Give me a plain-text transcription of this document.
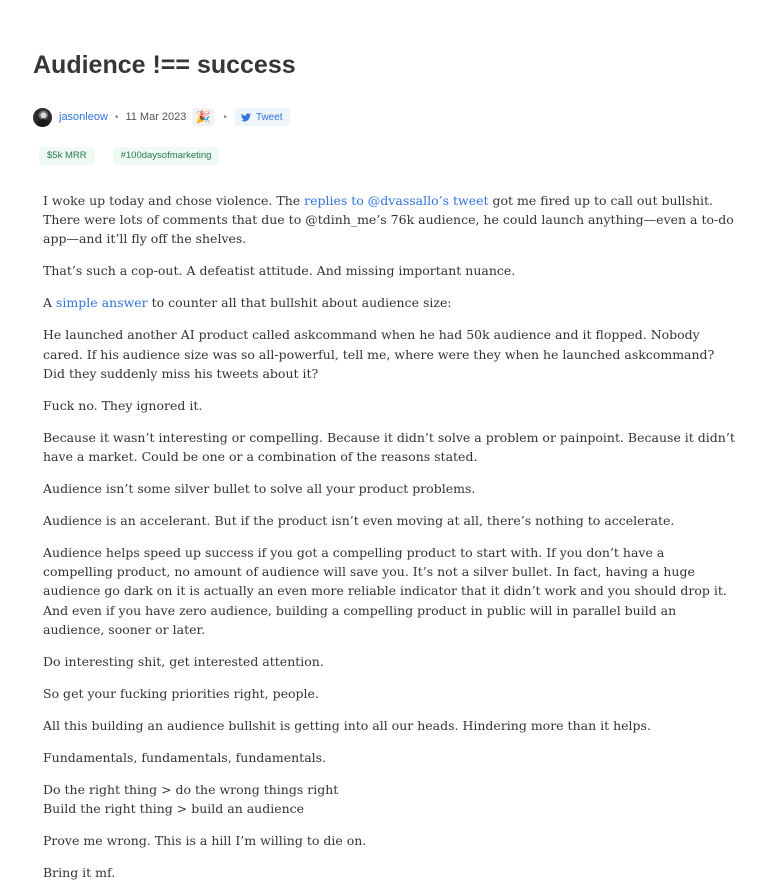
Audience !== success
jasonleow • 11 Mar 2023 🎉	•	Tweet
$5k MRR	#100daysofmarketing

I woke up today and chose violence. The replies to @dvassallo’s tweet got me fired up to call out bullshit. There were lots of comments that due to @tdinh_me’s 76k audience, he could launch anything—even a to-do app—and it’ll fly off the shelves.

That’s such a cop-out. A defeatist attitude. And missing important nuance.

A simple answer to counter all that bullshit about audience size:

He launched another AI product called askcommand when he had 50k audience and it flopped. Nobody cared. If his audience size was so all-powerful, tell me, where were they when he launched askcommand? Did they suddenly miss his tweets about it?

Fuck no. They ignored it.

Because it wasn’t interesting or compelling. Because it didn’t solve a problem or painpoint. Because it didn’t have a market. Could be one or a combination of the reasons stated.

Audience isn’t some silver bullet to solve all your product problems.

Audience is an accelerant. But if the product isn’t even moving at all, there’s nothing to accelerate.

Audience helps speed up success if you got a compelling product to start with. If you don’t have a compelling product, no amount of audience will save you. It’s not a silver bullet. In fact, having a huge audience go dark on it is actually an even more reliable indicator that it didn’t work and you should drop it. And even if you have zero audience, building a compelling product in public will in parallel build an audience, sooner or later.

Do interesting shit, get interested attention.

So get your fucking priorities right, people.

All this building an audience bullshit is getting into all our heads. Hindering more than it helps.

Fundamentals, fundamentals, fundamentals.

Do the right thing > do the wrong things right
Build the right thing > build an audience

Prove me wrong. This is a hill I’m willing to die on.

Bring it mf.
